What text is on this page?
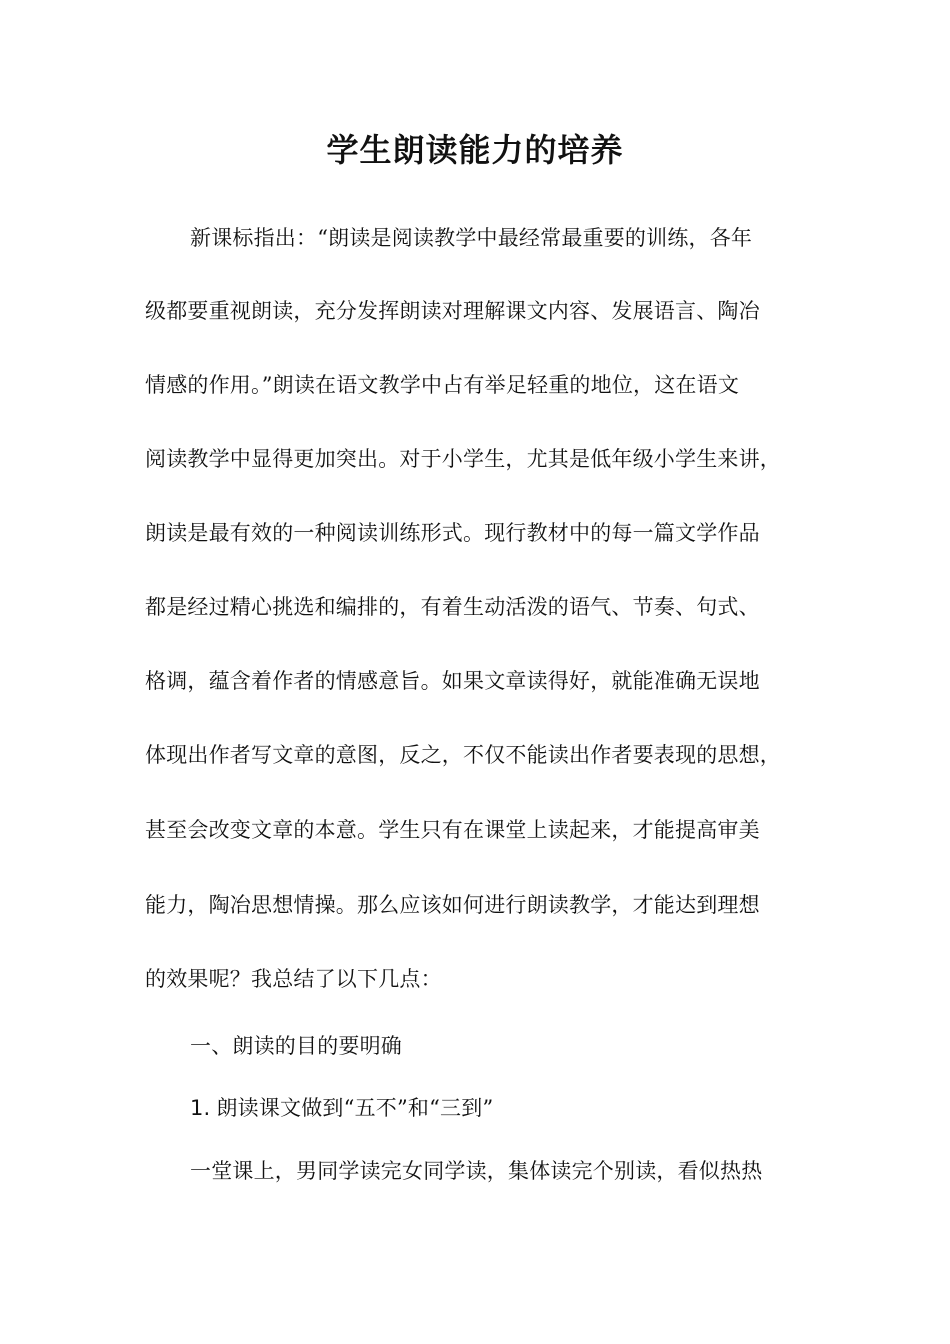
学生朗读能力的培养
新课标指出：“朗读是阅读教学中最经常最重要的训练，各年
级都要重视朗读，充分发挥朗读对理解课文内容、发展语言、陶冶
情感的作用。”朗读在语文教学中占有举足轻重的地位，这在语文
阅读教学中显得更加突出。对于小学生，尤其是低年级小学生来讲，
朗读是最有效的一种阅读训练形式。现行教材中的每一篇文学作品
都是经过精心挑选和编排的，有着生动活泼的语气、节奏、句式、
格调，蕴含着作者的情感意旨。如果文章读得好，就能准确无误地
体现出作者写文章的意图，反之，不仅不能读出作者要表现的思想，
甚至会改变文章的本意。学生只有在课堂上读起来，才能提高审美
能力，陶冶思想情操。那么应该如何进行朗读教学，才能达到理想
的效果呢？我总结了以下几点：
一、朗读的目的要明确
1. 朗读课文做到“五不”和“三到”
一堂课上，男同学读完女同学读，集体读完个别读，看似热热
